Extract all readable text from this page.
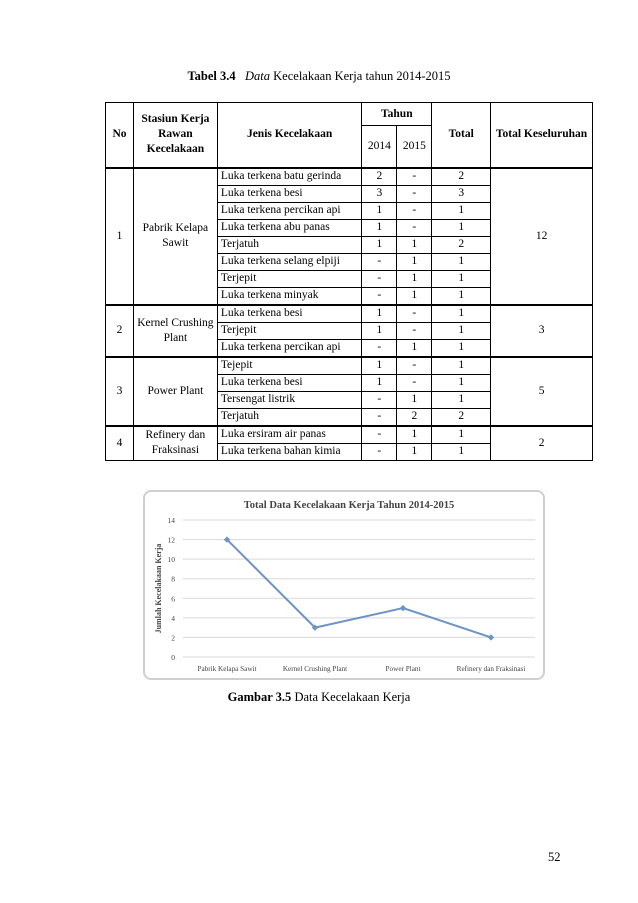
Tabel 3.4 Data Kecelakaan Kerja tahun 2014-2015
No	Stasiun Kerja Rawan Kecelakaan	Jenis Kecelakaan	Tahun		Total	Total Keseluruhan
			2014	2015		
1	Pabrik Kelapa Sawit	Luka terkena batu gerinda	2	-	2	12
		Luka terkena besi	3	-	3	
		Luka terkena percikan api	1	-	1	
		Luka terkena abu panas	1	-	1	
		Terjatuh	1	1	2	
		Luka terkena selang elpiji	-	1	1	
		Terjepit	-	1	1	
		Luka terkena minyak	-	1	1	
2	Kernel Crushing Plant	Luka terkena besi	1	-	1	3
		Terjepit	1	-	1	
		Luka terkena percikan api	-	1	1	
3	Power Plant	Tejepit	1	-	1	5
		Luka terkena besi	1	-	1	
		Tersengat listrik	-	1	1	
		Terjatuh	-	2	2	
4	Refinery dan Fraksinasi	Luka ersiram air panas	-	1	1	2
		Luka terkena bahan kimia	-	1	1	
Total Data Kecelakaan Kerja Tahun 2014-2015
0
2
4
6
8
10
12
14
Jumlah Kecelakaan Kerja
Pabrik Kelapa Sawit	Kernel Crushing Plant	Power Plant	Refinery dan Fraksinasi
Gambar 3.5 Data Kecelakaan Kerja
52
